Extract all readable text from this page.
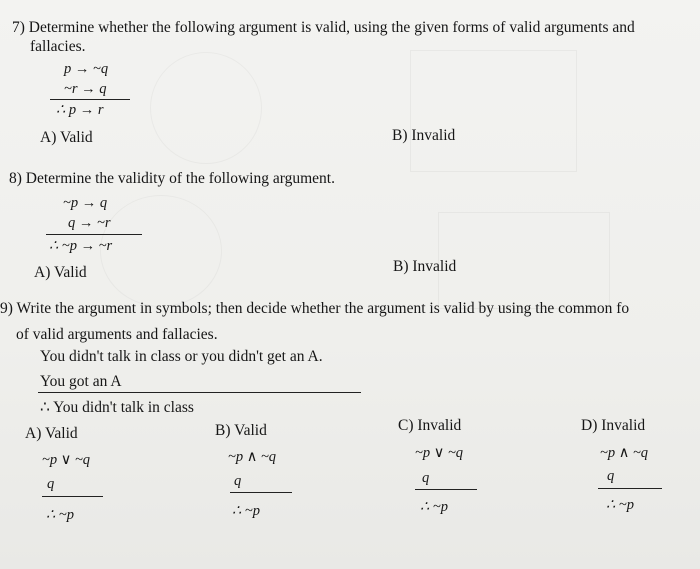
7) Determine whether the following argument is valid, using the given forms of valid arguments and
fallacies.
p → ~q
~r → q
∴ p → r
A) Valid	B) Invalid
8) Determine the validity of the following argument.
~p → q
q → ~r
∴ ~p → ~r
A) Valid	B) Invalid
9) Write the argument in symbols; then decide whether the argument is valid by using the common fo
of valid arguments and fallacies.
You didn't talk in class or you didn't get an A.
You got an A
∴ You didn't talk in class
A) Valid
~p ∨ ~q
q
∴ ~p
B) Valid
~p ∧ ~q
q
∴ ~p
C) Invalid
~p ∨ ~q
q
∴ ~p
D) Invalid
~p ∧ ~q
q
∴ ~p
